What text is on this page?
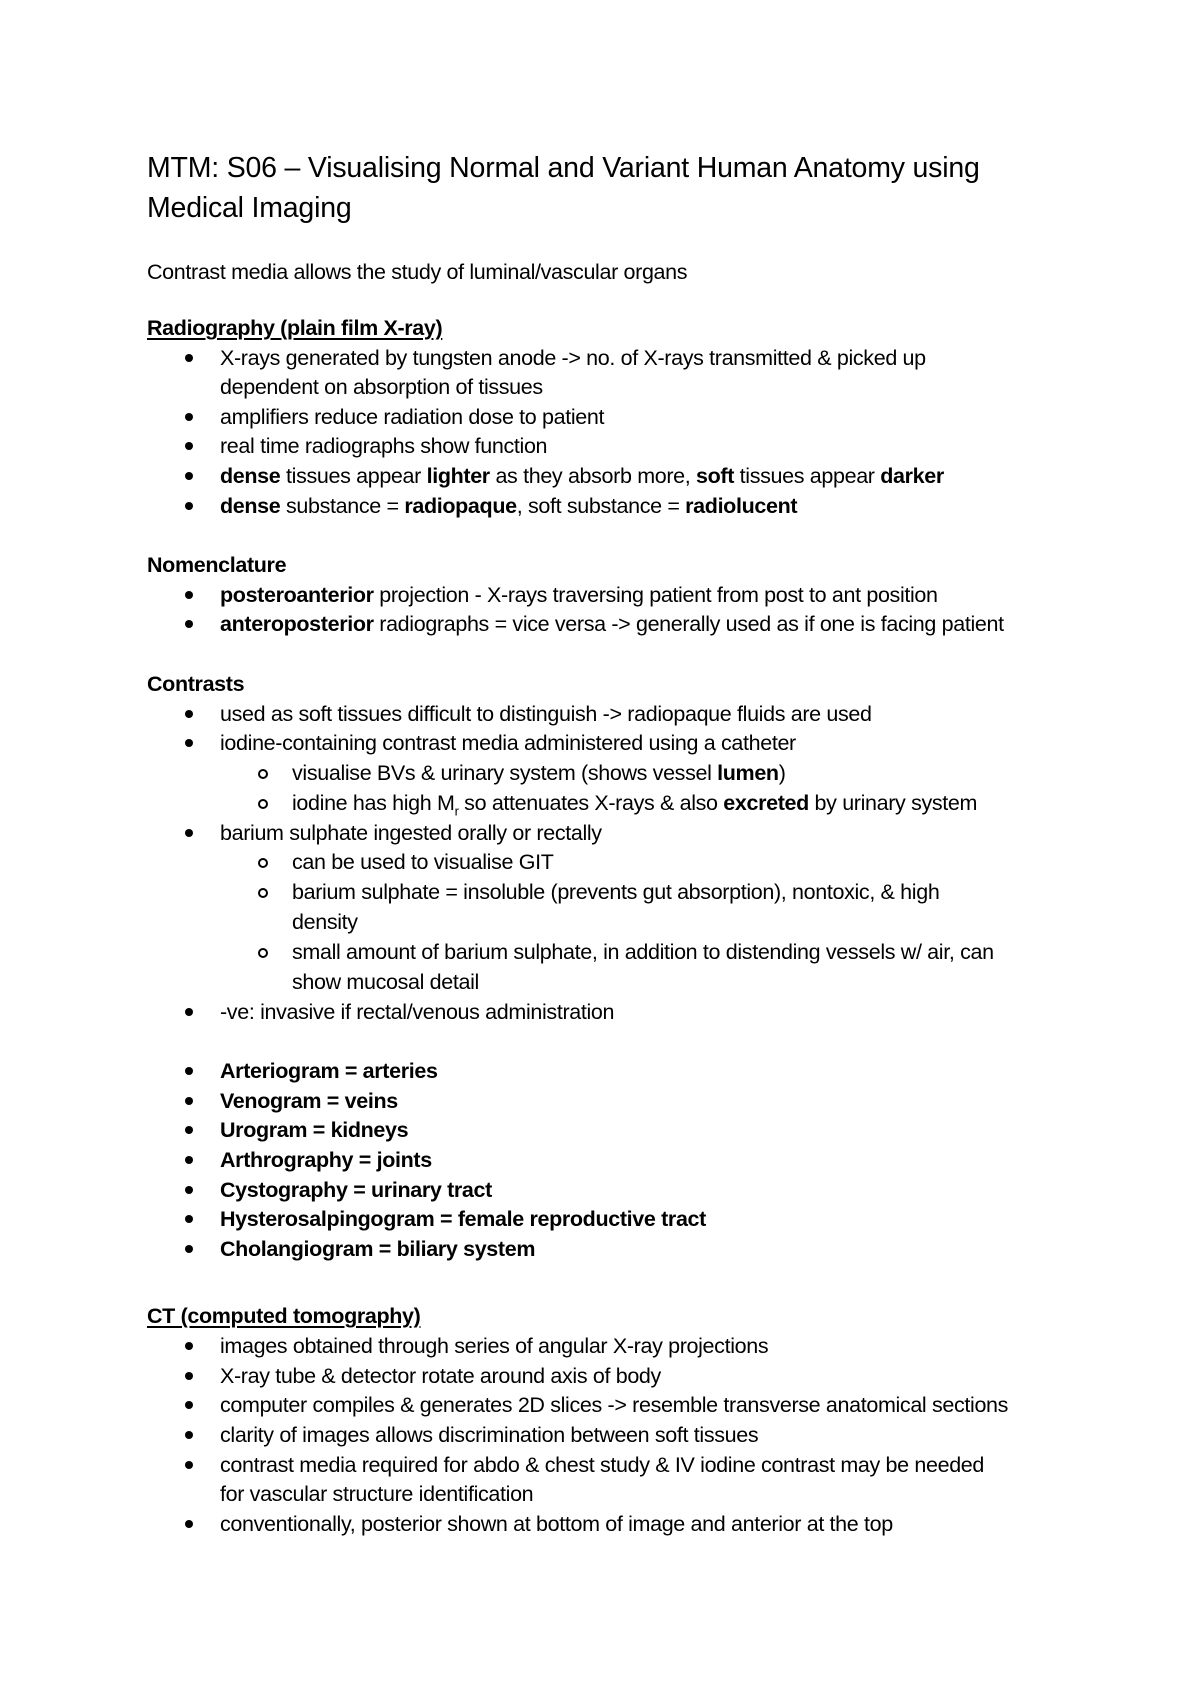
MTM: S06 – Visualising Normal and Variant Human Anatomy using
Medical Imaging
Contrast media allows the study of luminal/vascular organs
Radiography (plain film X-ray)
X-rays generated by tungsten anode -> no. of X-rays transmitted & picked up
dependent on absorption of tissues
amplifiers reduce radiation dose to patient
real time radiographs show function
dense tissues appear lighter as they absorb more, soft tissues appear darker
dense substance = radiopaque, soft substance = radiolucent
Nomenclature
posteroanterior projection - X-rays traversing patient from post to ant position
anteroposterior radiographs = vice versa -> generally used as if one is facing patient
Contrasts
used as soft tissues difficult to distinguish -> radiopaque fluids are used
iodine-containing contrast media administered using a catheter
visualise BVs & urinary system (shows vessel lumen)
iodine has high $M_r$ so attenuates X-rays & also excreted by urinary system
barium sulphate ingested orally or rectally
can be used to visualise GIT
barium sulphate = insoluble (prevents gut absorption), nontoxic, & high
density
small amount of barium sulphate, in addition to distending vessels w/ air, can
show mucosal detail
-ve: invasive if rectal/venous administration
Arteriogram = arteries
Venogram = veins
Urogram = kidneys
Arthrography = joints
Cystography = urinary tract
Hysterosalpingogram = female reproductive tract
Cholangiogram = biliary system
CT (computed tomography)
images obtained through series of angular X-ray projections
X-ray tube & detector rotate around axis of body
computer compiles & generates 2D slices -> resemble transverse anatomical sections
clarity of images allows discrimination between soft tissues
contrast media required for abdo & chest study & IV iodine contrast may be needed
for vascular structure identification
conventionally, posterior shown at bottom of image and anterior at the top
